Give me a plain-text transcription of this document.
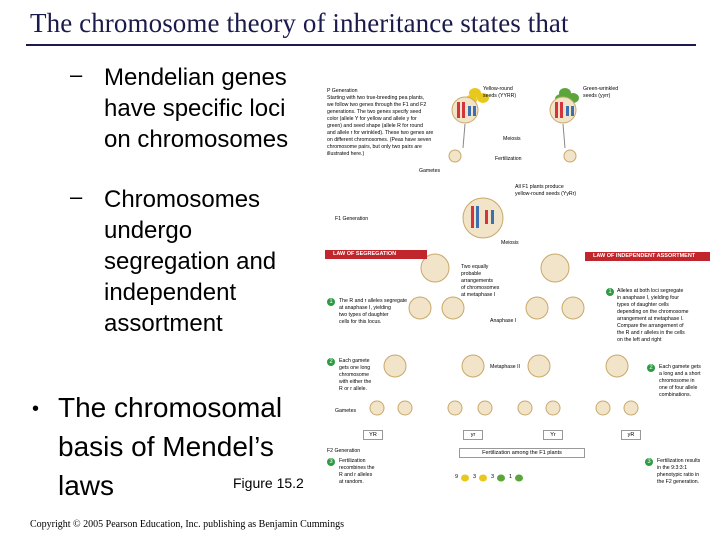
The chromosome theory of inheritance states that
– Mendelian genes
have specific loci
on chromosomes
– Chromosomes
undergo
segregation and
independent
assortment
• The chromosomal
basis of Mendel’s
laws	Figure 15.2
Copyright © 2005 Pearson Education, Inc. publishing as Benjamin Cummings
P Generation
Starting with two true-breeding pea plants,
we follow two genes through the F1 and F2
generations. The two genes specify seed
color (allele Y for yellow and allele y for
green) and seed shape (allele R for round
and allele r for wrinkled). These two genes are
on different chromosomes. (Peas have seven
chromosome pairs, but only two pairs are
illustrated here.)
Yellow-round
seeds (YYRR)
Green-wrinkled
seeds (yyrr)
Meiosis
Fertilization
Gametes
All F1 plants produce
yellow-round seeds (YyRr)
F1 Generation
Meiosis
LAW OF SEGREGATION	LAW OF INDEPENDENT ASSORTMENT
Two equally
probable
arrangements
of chromosomes
at metaphase I
1	The R and r alleles segregate
at anaphase I, yielding
two types of daughter
cells for this locus.
1	Alleles at both loci segregate
in anaphase I, yielding four
types of daughter cells
depending on the chromosome
arrangement at metaphase I.
Compare the arrangement of
the R and r alleles in the cells
on the left and right
Anaphase I
Metaphase II
2	Each gamete
gets one long
chromosome
with either the
R or r allele.
2	Each gamete gets
a long and a short
chromosome in
one of four allele
combinations.
Gametes
YR	yr	Yr	yR
F2 Generation	Fertilization among the F1 plants
3	Fertilization
recombines the
R and r alleles
at random.
3	Fertilization results
in the 9:3:3:1
phenotypic ratio in
the F2 generation.
9	3	3	1
